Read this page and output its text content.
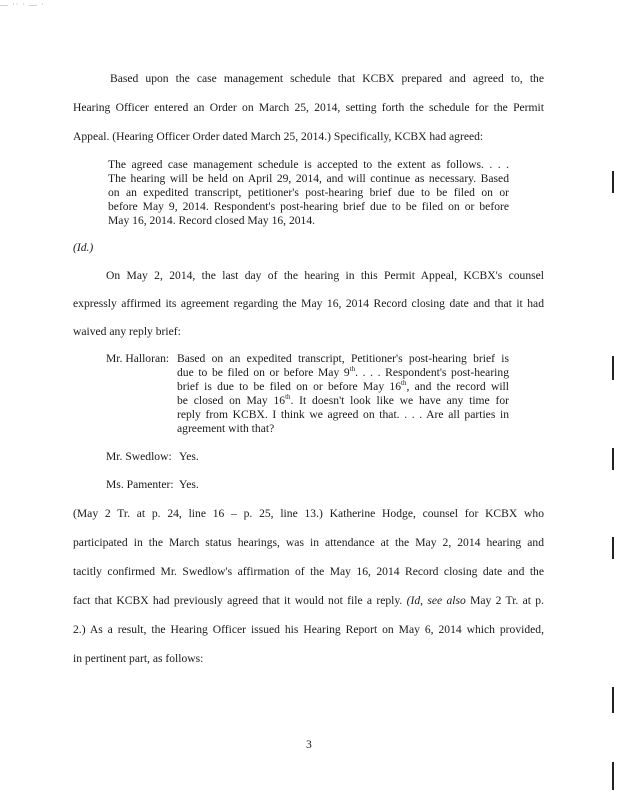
— ·· · — ·
Based upon the case management schedule that KCBX prepared and agreed to, the
Hearing Officer entered an Order on March 25, 2014, setting forth the schedule for the Permit
Appeal. (Hearing Officer Order dated March 25, 2014.) Specifically, KCBX had agreed:
The agreed case management schedule is accepted to the extent as follows. . . .
The hearing will be held on April 29, 2014, and will continue as necessary. Based
on an expedited transcript, petitioner's post-hearing brief due to be filed on or
before May 9, 2014. Respondent's post-hearing brief due to be filed on or before
May 16, 2014. Record closed May 16, 2014.
(Id.)
On May 2, 2014, the last day of the hearing in this Permit Appeal, KCBX's counsel
expressly affirmed its agreement regarding the May 16, 2014 Record closing date and that it had
waived any reply brief:
Mr. Halloran: Based on an expedited transcript, Petitioner's post-hearing brief is
due to be filed on or before May 9th. . . . Respondent's post-hearing
brief is due to be filed on or before May 16th, and the record will
be closed on May 16th. It doesn't look like we have any time for
reply from KCBX. I think we agreed on that. . . . Are all parties in
agreement with that?
Mr. Swedlow: Yes.
Ms. Pamenter: Yes.
(May 2 Tr. at p. 24, line 16 – p. 25, line 13.) Katherine Hodge, counsel for KCBX who
participated in the March status hearings, was in attendance at the May 2, 2014 hearing and
tacitly confirmed Mr. Swedlow's affirmation of the May 16, 2014 Record closing date and the
fact that KCBX had previously agreed that it would not file a reply. (Id, see also May 2 Tr. at p.
2.) As a result, the Hearing Officer issued his Hearing Report on May 6, 2014 which provided,
in pertinent part, as follows:
3
